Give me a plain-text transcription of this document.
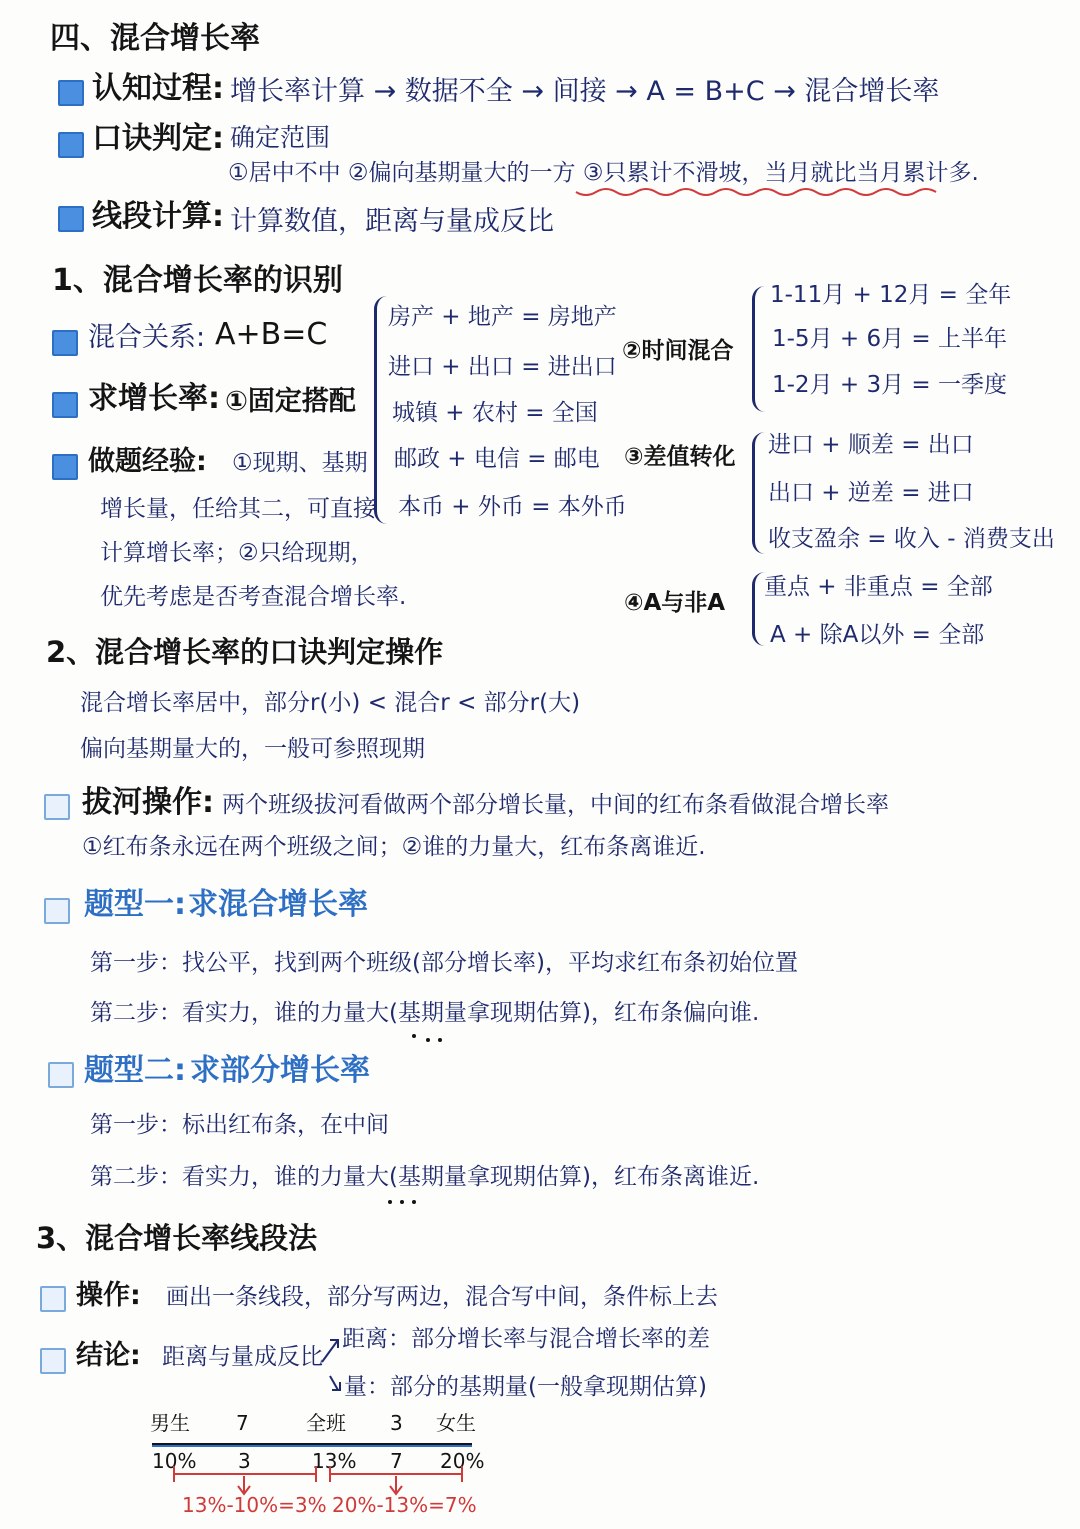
四、混合增长率
认知过程: 增长率计算 → 数据不全 → 间接 → A = B+C → 混合增长率
口诀判定: 确定范围
①居中不中 ②偏向基期量大的一方 ③只累计不滑坡，当月就比当月累计多.
线段计算: 计算数值，距离与量成反比
1、混合增长率的识别
混合关系: A+B=C
求增长率: ①固定搭配
做题经验: ①现期、基期
增长量，任给其二，可直接
计算增长率；②只给现期，
优先考虑是否考查混合增长率.
房产 + 地产 = 房地产
进口 + 出口 = 进出口
城镇 + 农村 = 全国
邮政 + 电信 = 邮电
本币 + 外币 = 本外币
②时间混合
1-11月 + 12月 = 全年
1-5月 + 6月 = 上半年
1-2月 + 3月 = 一季度
③差值转化 进口 + 顺差 = 出口
出口 + 逆差 = 进口
收支盈余 = 收入 - 消费支出
④A与非A
重点 + 非重点 = 全部
A + 除A以外 = 全部
2、混合增长率的口诀判定操作
混合增长率居中，部分r(小) < 混合r < 部分r(大)
偏向基期量大的，一般可参照现期
拔河操作: 两个班级拔河看做两个部分增长量，中间的红布条看做混合增长率
①红布条永远在两个班级之间；②谁的力量大，红布条离谁近.
题型一: 求混合增长率
第一步：找公平，找到两个班级(部分增长率)，平均求红布条初始位置
第二步：看实力，谁的力量大(基期量拿现期估算)，红布条偏向谁.
题型二: 求部分增长率
第一步：标出红布条，在中间
第二步：看实力，谁的力量大(基期量拿现期估算)，红布条离谁近.
3、混合增长率线段法
操作: 画出一条线段，部分写两边，混合写中间，条件标上去
结论: 距离与量成反比
距离：部分增长率与混合增长率的差
量：部分的基期量(一般拿现期估算)
男生 7	全班 3 女生
10% 3	13% 7 20%
13%-10%=3% 20%-13%=7%
